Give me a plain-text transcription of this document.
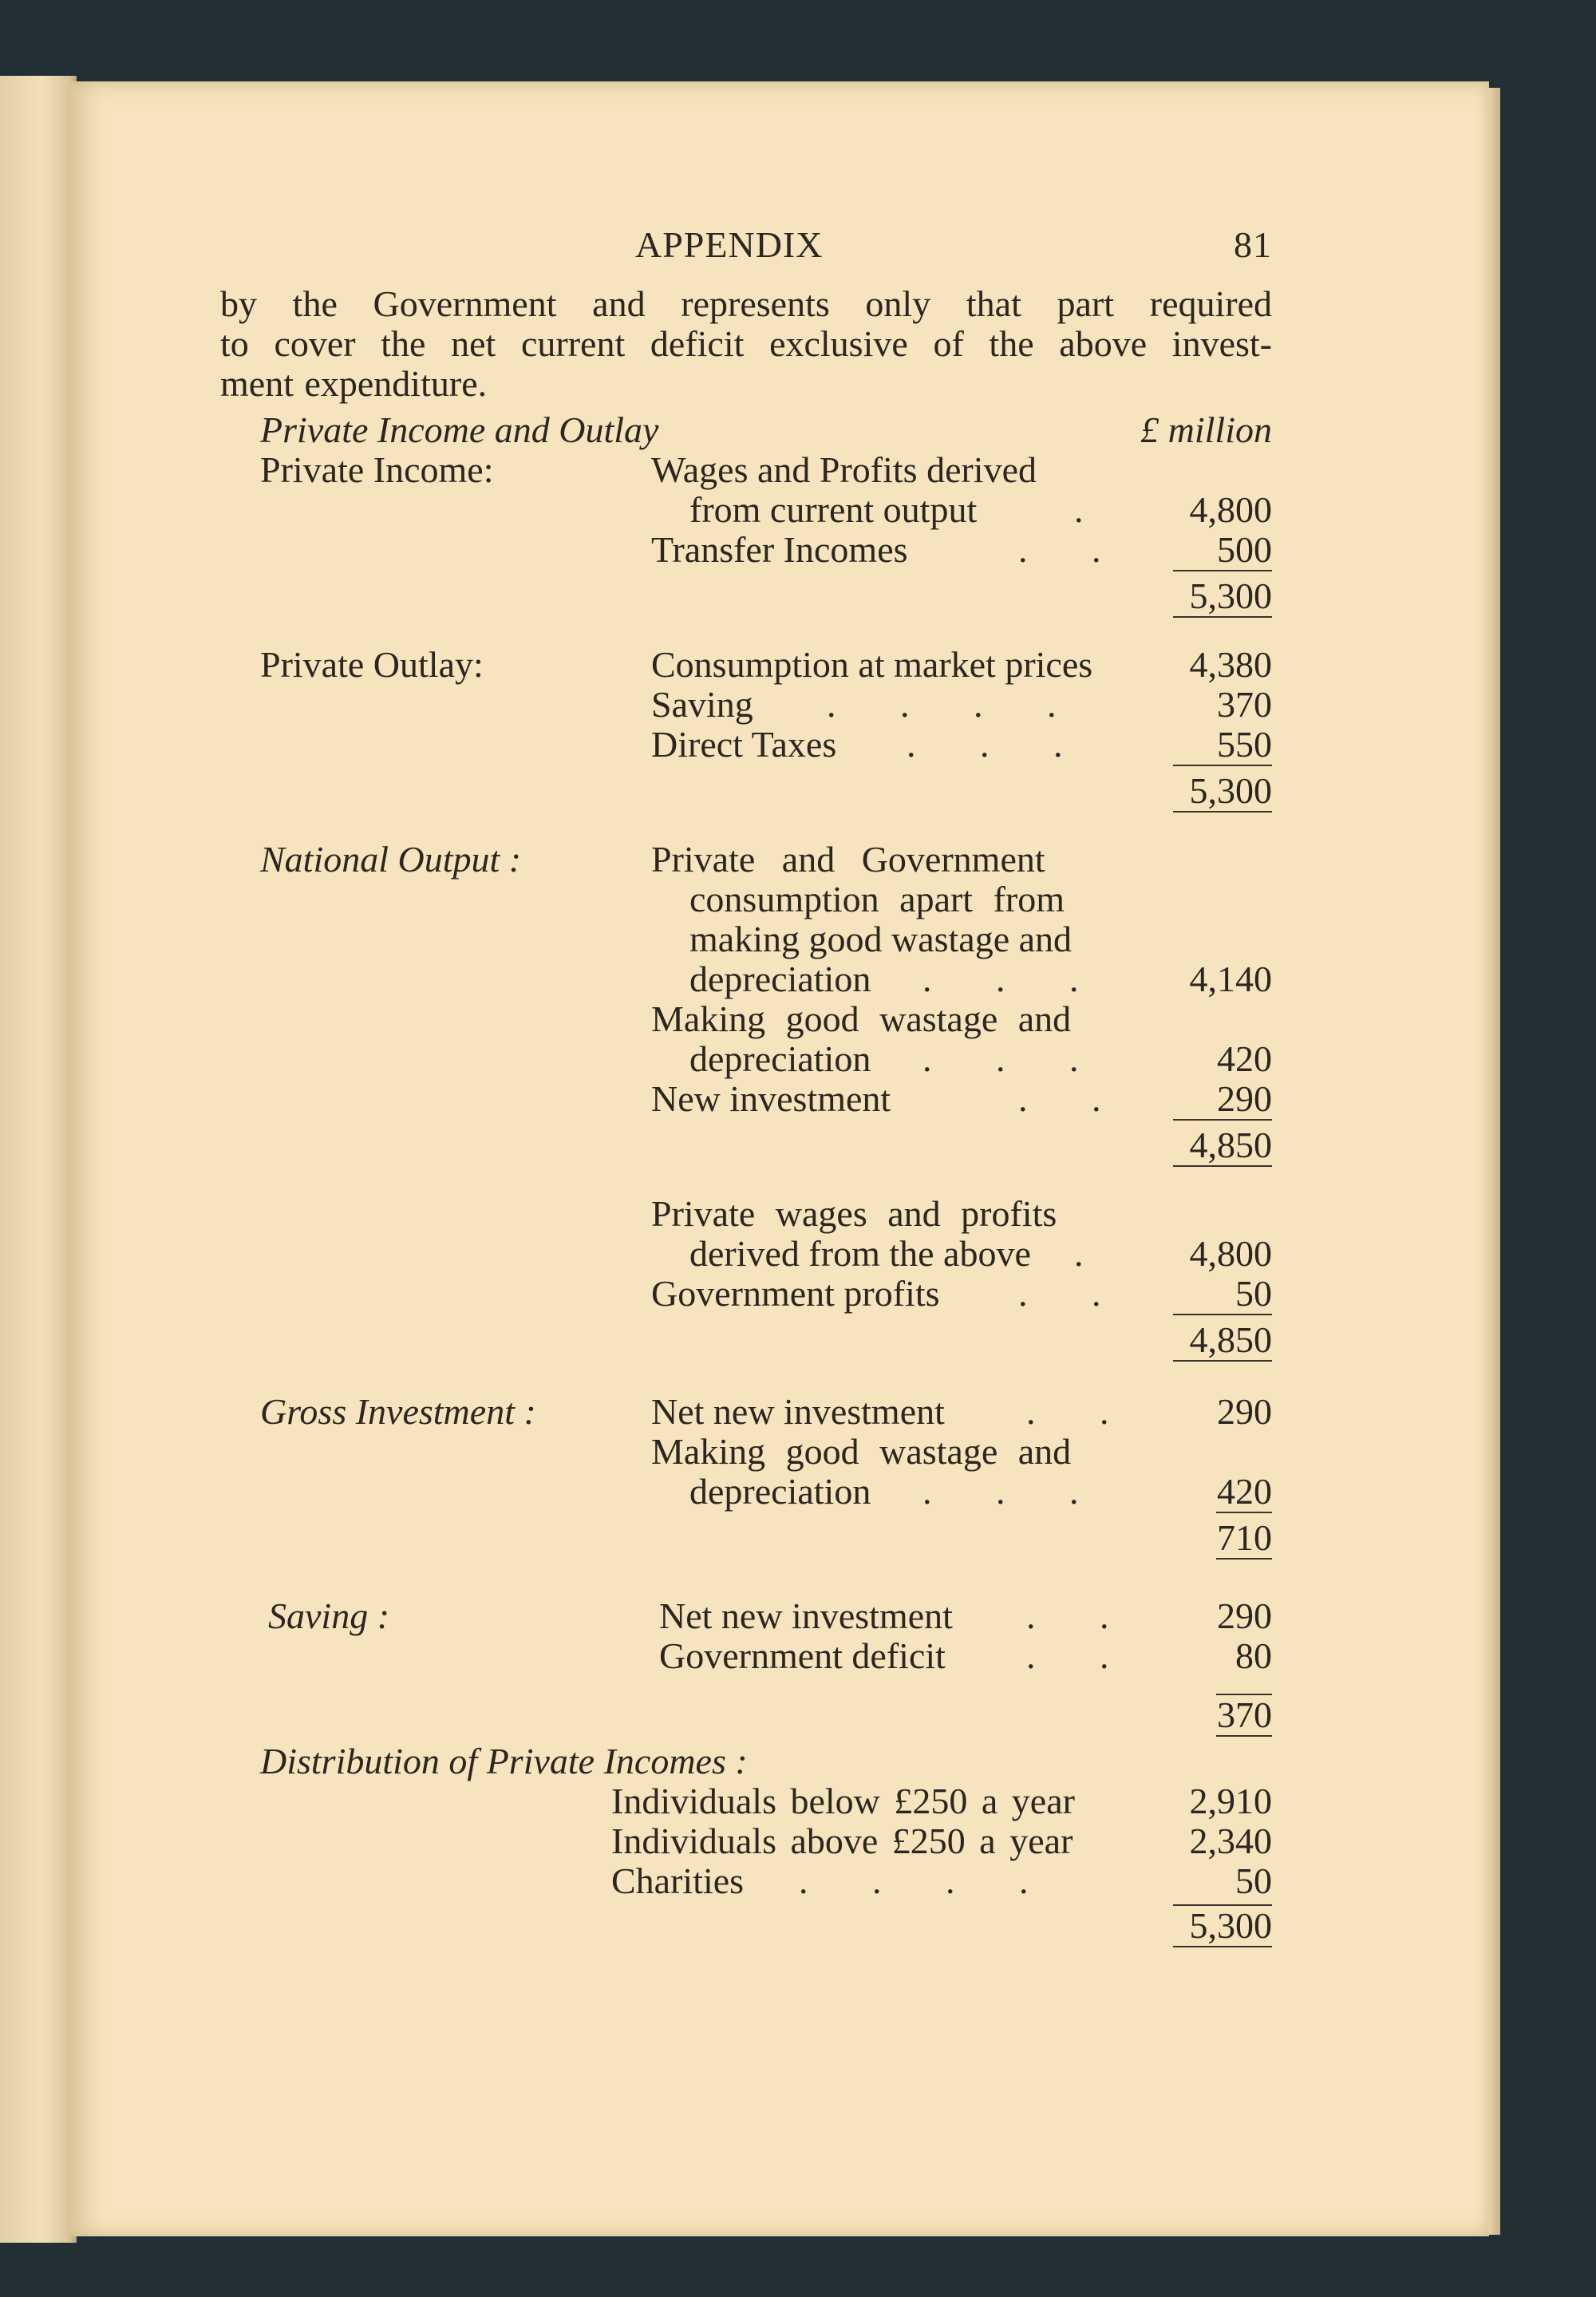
APPENDIX	81
by the Government and represents only that part required
to cover the net current deficit exclusive of the above invest-
ment expenditure.
Private Income and Outlay	£ million
Private Income:	Wages and Profits derived
from current output	.	4,800
Transfer Incomes	.       .	500
5,300
Private Outlay:	Consumption at market prices	4,380
Saving .       .       .       .	370
Direct Taxes .       .       .	550
5,300
National Output :	Private and Government
consumption apart from
making good wastage and
depreciation .       .       .	4,140
Making good wastage and
depreciation .       .       .	420
New investment	.       .	290
4,850
Private wages and profits
derived from the above .	4,800
Government profits .       .	50
4,850
Gross Investment :	Net new investment .       .	290
Making good wastage and
depreciation .       .       .	420
710
Saving :	Net new investment .       .	290
Government deficit .       .	80
370
Distribution of Private Incomes :
Individuals below £250 a year	2,910
Individuals above £250 a year	2,340
Charities .       .       .       .	50
5,300
